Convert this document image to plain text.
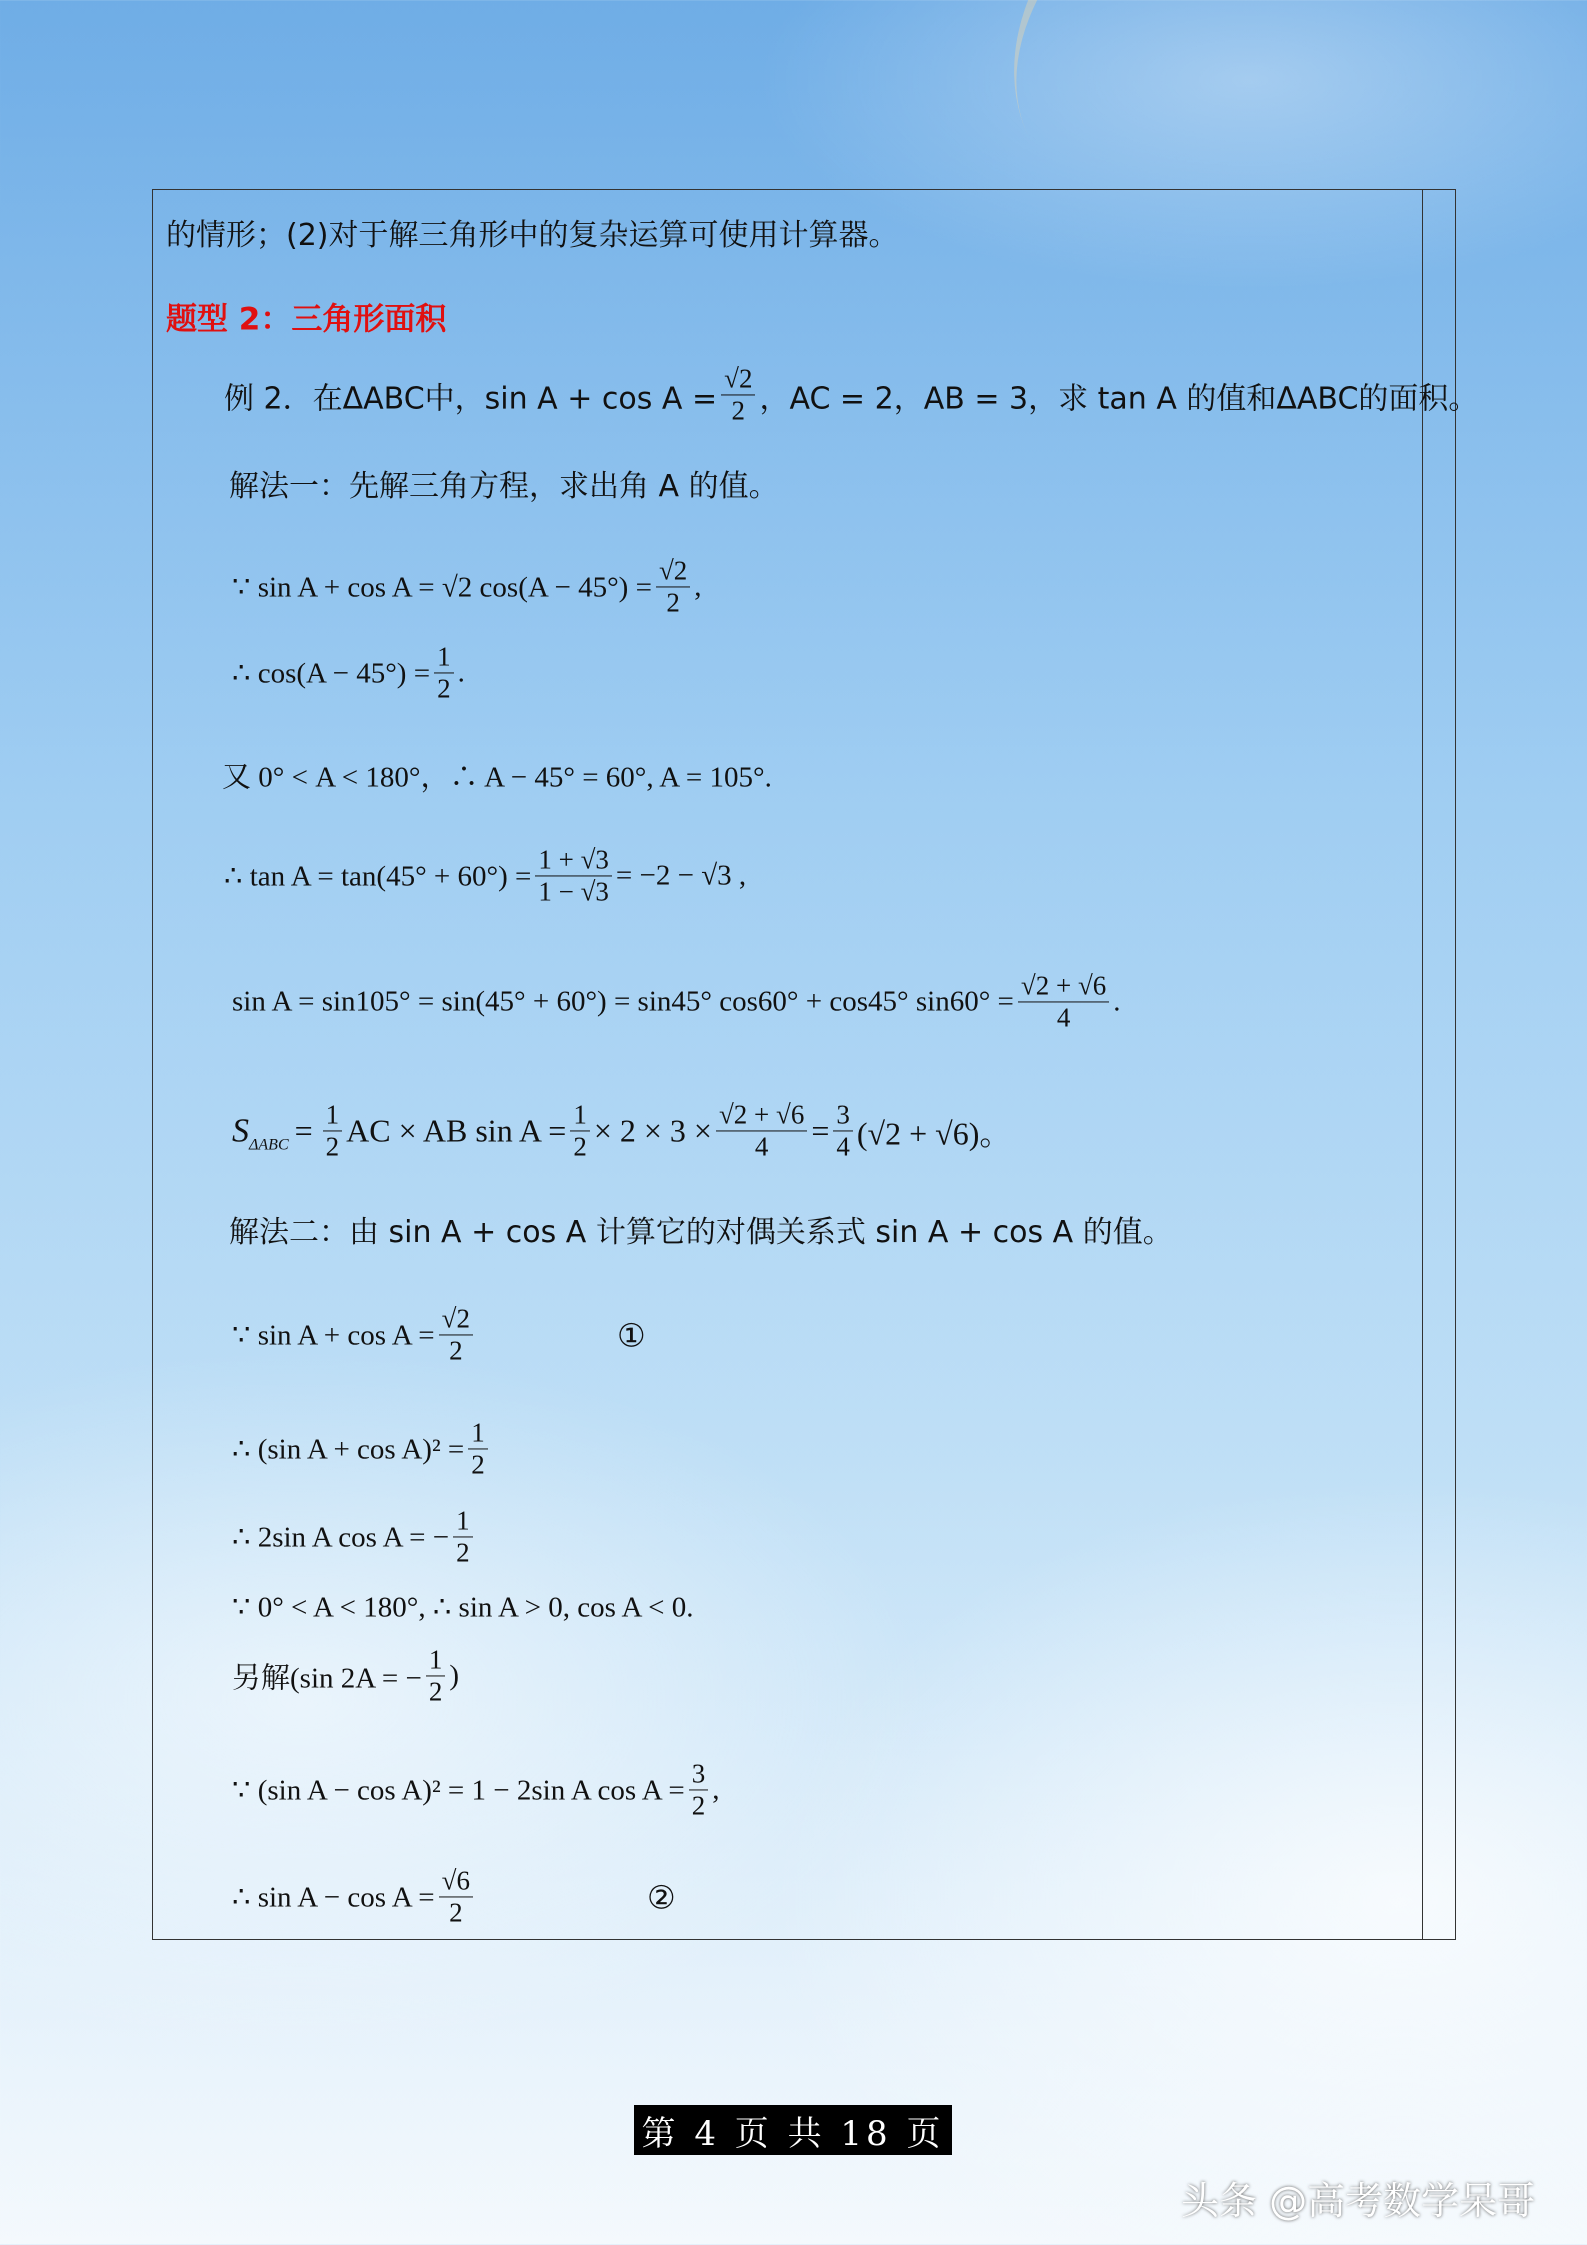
的情形；(2)对于解三角形中的复杂运算可使用计算器。
题型 2：三角形面积
例 2．在ΔABC中，$\sin A + \cos A = \frac{√2}{2}$ ，AC = 2，AB = 3，求 tan A 的值和ΔABC的面积。
解法一：先解三角方程，求出角 A 的值。
∵ sin A + cos A = √2 $\cos(A - 45^\circ) = \frac{√2}{2}$ ,
∴ $\cos(A - 45^\circ) = \frac{1}{2}$ .
又 0° < A < 180°，∴ A − 45° = 60°, A = 105°.
∴ $\tan A = \tan(45^\circ + 60^\circ) = \frac{1 + √3}{1 - √3} = -2 - √3$ ,
sin A = sin105° = sin(45° + 60°) = sin45° cos60° + cos45° $\sin 60^\circ = \frac{√2 + √6}{4}$ .
$S_{\Delta ABC} = \frac{1}{2}$ AC × AB $\sin A = \frac{1}{2} \times 2 \times 3 \times \frac{√2 + √6}{4} = \frac{3}{4} (√2 + √6)$。
解法二：由 sin A + cos A 计算它的对偶关系式 sin A + cos A 的值。
∵ $\sin A + \cos A = \frac{√2}{2}$	①
∴ (sin $A + \cos A)^2 = \frac{1}{2}$
∴ 2sin A cos A = − $\frac{1}{2}$
∵ 0° < A < 180°, ∴ sin A > 0, cos A < 0.
另解(sin 2A = − $\frac{1}{2}$ )
∵ (sin A − cos A)² = 1 − 2sin A $\cos A = \frac{3}{2}$ ,
∴ $\sin A - \cos A = \frac{√6}{2}$	②
第 4 页 共 18 页
头条 @高考数学呆哥
